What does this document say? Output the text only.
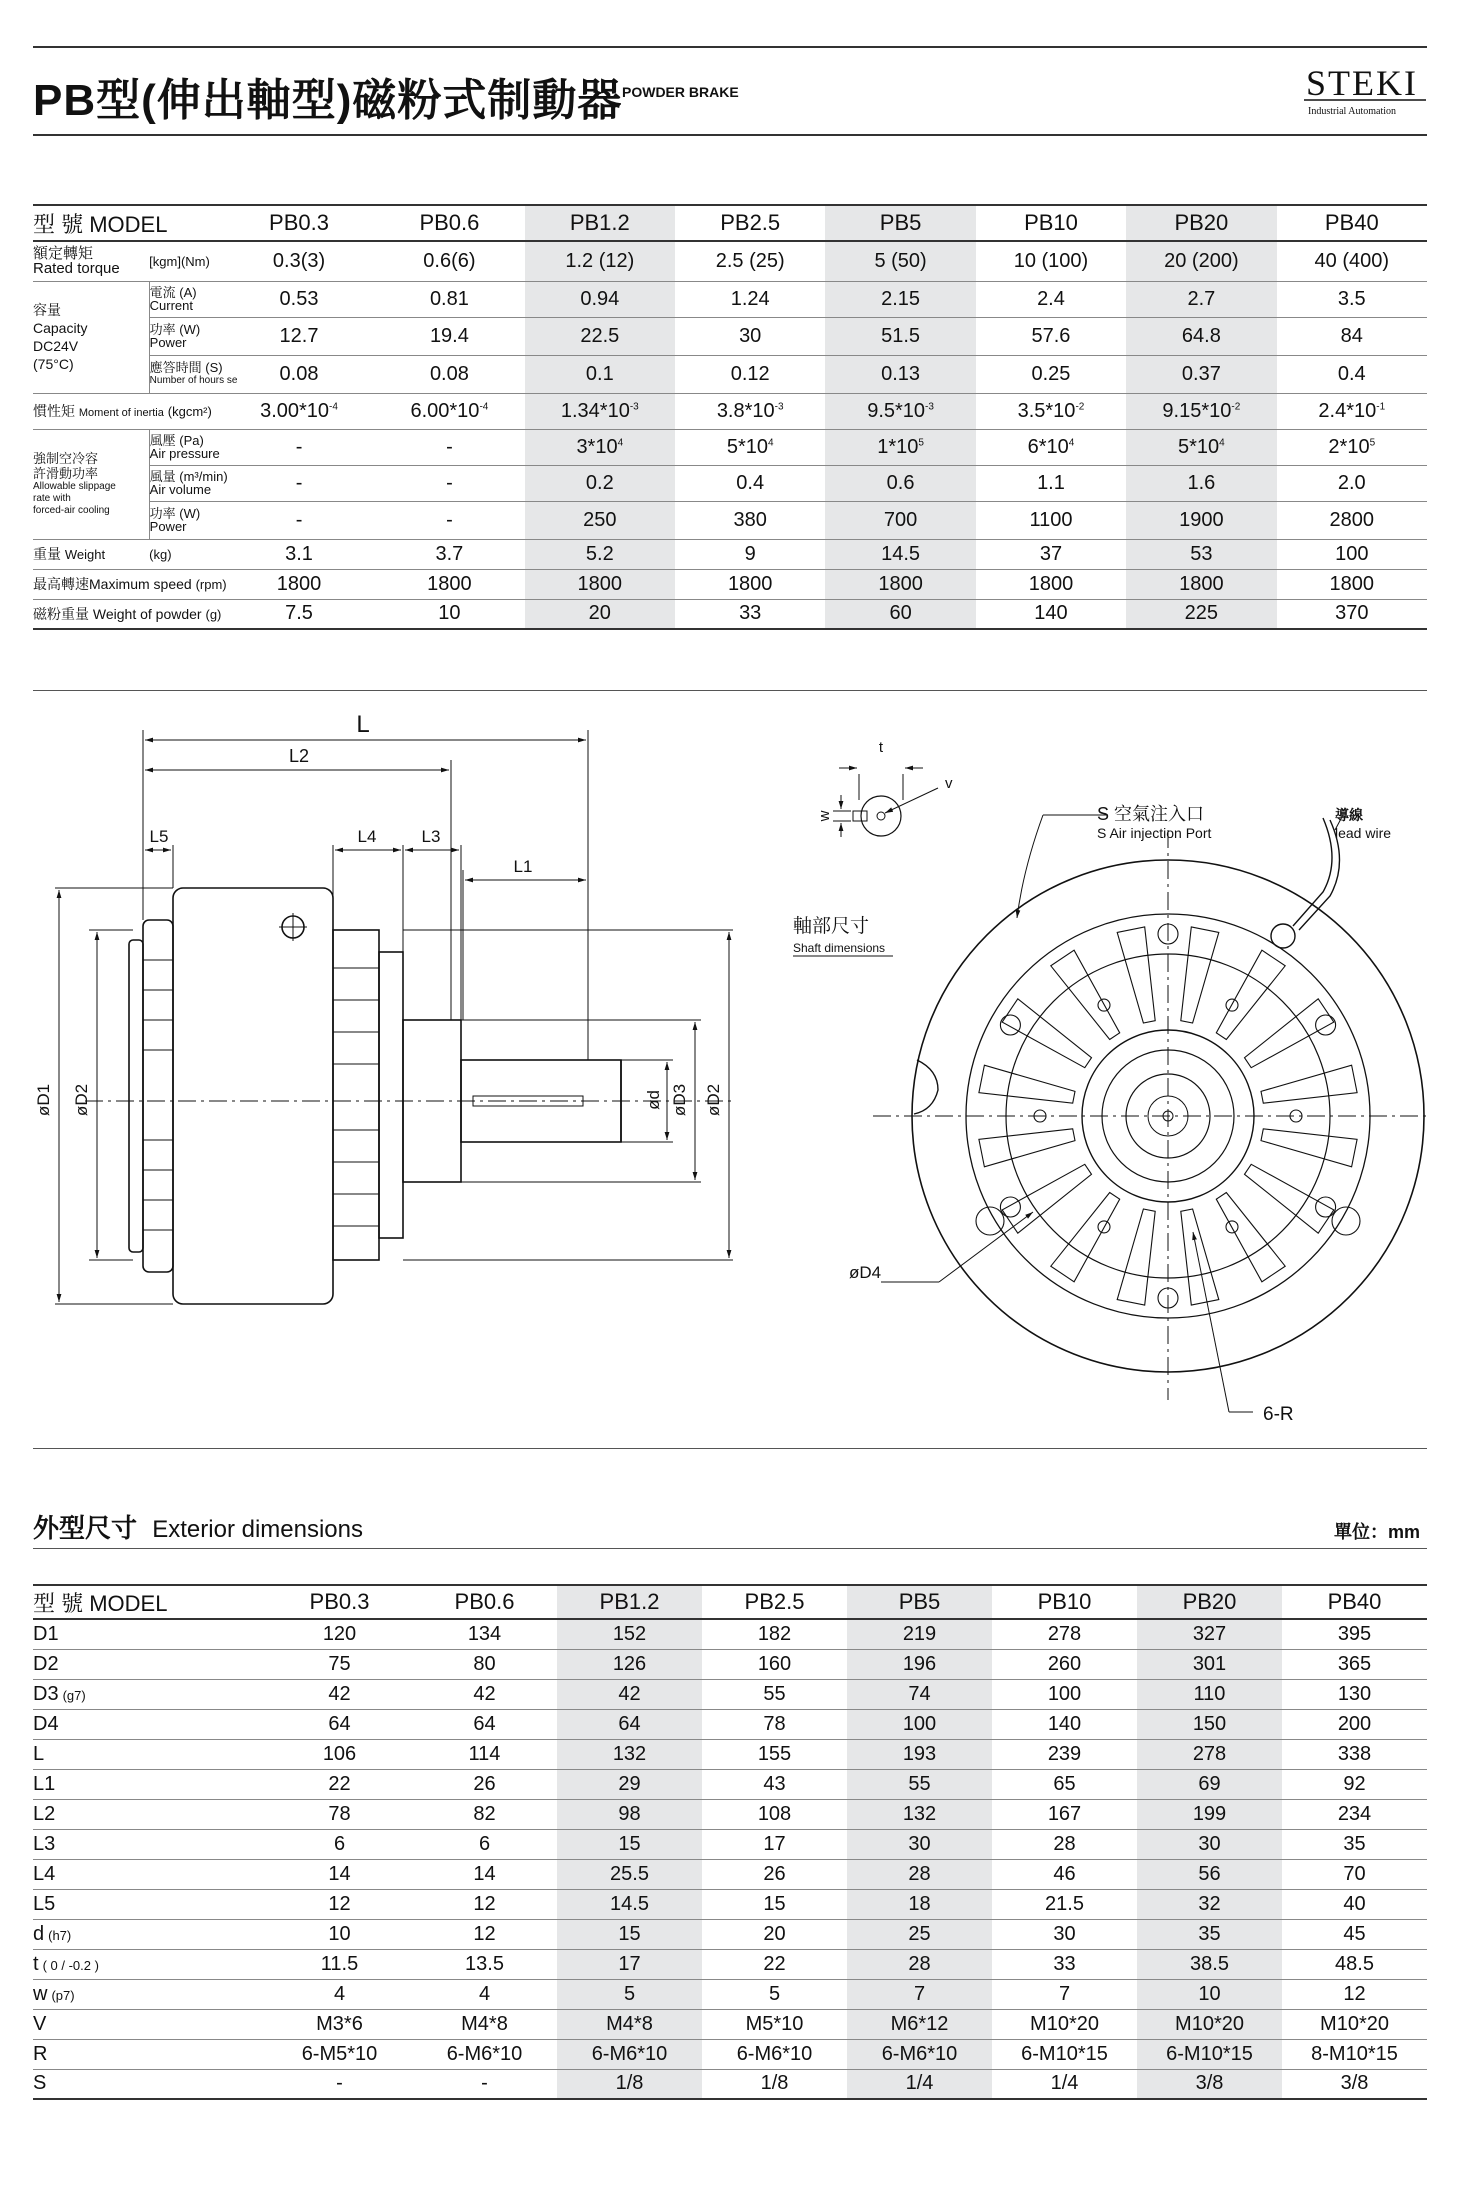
PB型(伸出軸型)磁粉式制動器 POWDER BRAKE	STEKI
Industrial Automation
型 號 MODEL		PB0.3	PB0.6	PB1.2	PB2.5	PB5	PB10	PB20	PB40

額定轉矩
Rated torque	[kgm](Nm)	0.3(3)	0.6(6)	1.2 (12)	2.5 (25)	5 (50)	10 (100)	20 (200)	40 (400)

容量
Capacity
DC24V
(75°C)	電流 (A)
Current	0.53	0.81	0.94	1.24	2.15	2.4	2.7	3.5

	功率 (W)
Power	12.7	19.4	22.5	30	51.5	57.6	64.8	84

	應答時間 (S)
Number of hours se	0.08	0.08	0.1	0.12	0.13	0.25	0.37	0.4
慣性矩 Moment of inertia (kgcm²)		$3.00*10^{-4}$	$6.00*10^{-4}$	$1.34*10^{-3}$	$3.8*10^{-3}$	$9.5*10^{-3}$	$3.5*10^{-2}$	$9.15*10^{-2}$	$2.4*10^{-1}$

強制空冷容
許滑動功率
Allowable slippage
rate with
forced-air cooling	風壓 (Pa)
Air pressure	-	-	$3*10^4$	$5*10^4$	$1*10^5$	$6*10^4$	$5*10^4$	$2*10^5$

	風量 (m³/min)
Air volume	-	-	0.2	0.4	0.6	1.1	1.6	2.0

	功率 (W)
Power	-	-	250	380	700	1100	1900	2800
重量 Weight	(kg)	3.1	3.7	5.2	9	14.5	37	53	100
最高轉速Maximum speed (rpm)		1800	1800	1800	1800	1800	1800	1800	1800
磁粉重量 Weight of powder (g)		7.5	10	20	33	60	140	225	370
L
L2
L5	L4	L3
L1
øD1 øD2	ød øD3 øD2
t
v
w
軸部尺寸
Shaft dimensions
S 空氣注入口
S Air injection Port
導線
lead wire
øD4
6-R
外型尺寸 Exterior dimensions	單位：mm
型 號 MODEL	PB0.3	PB0.6	PB1.2	PB2.5	PB5	PB10	PB20	PB40
D1	120	134	152	182	219	278	327	395
D2	75	80	126	160	196	260	301	365
D3 (g7)	42	42	42	55	74	100	110	130
D4	64	64	64	78	100	140	150	200
L	106	114	132	155	193	239	278	338
L1	22	26	29	43	55	65	69	92
L2	78	82	98	108	132	167	199	234
L3	6	6	15	17	30	28	30	35
L4	14	14	25.5	26	28	46	56	70
L5	12	12	14.5	15	18	21.5	32	40
d (h7)	10	12	15	20	25	30	35	45
t ( 0 / -0.2 )	11.5	13.5	17	22	28	33	38.5	48.5
w (p7)	4	4	5	5	7	7	10	12
V	M3*6	M4*8	M4*8	M5*10	M6*12	M10*20	M10*20	M10*20
R	6-M5*10	6-M6*10	6-M6*10	6-M6*10	6-M6*10	6-M10*15	6-M10*15	8-M10*15
S	-	-	1/8	1/8	1/4	1/4	3/8	3/8
